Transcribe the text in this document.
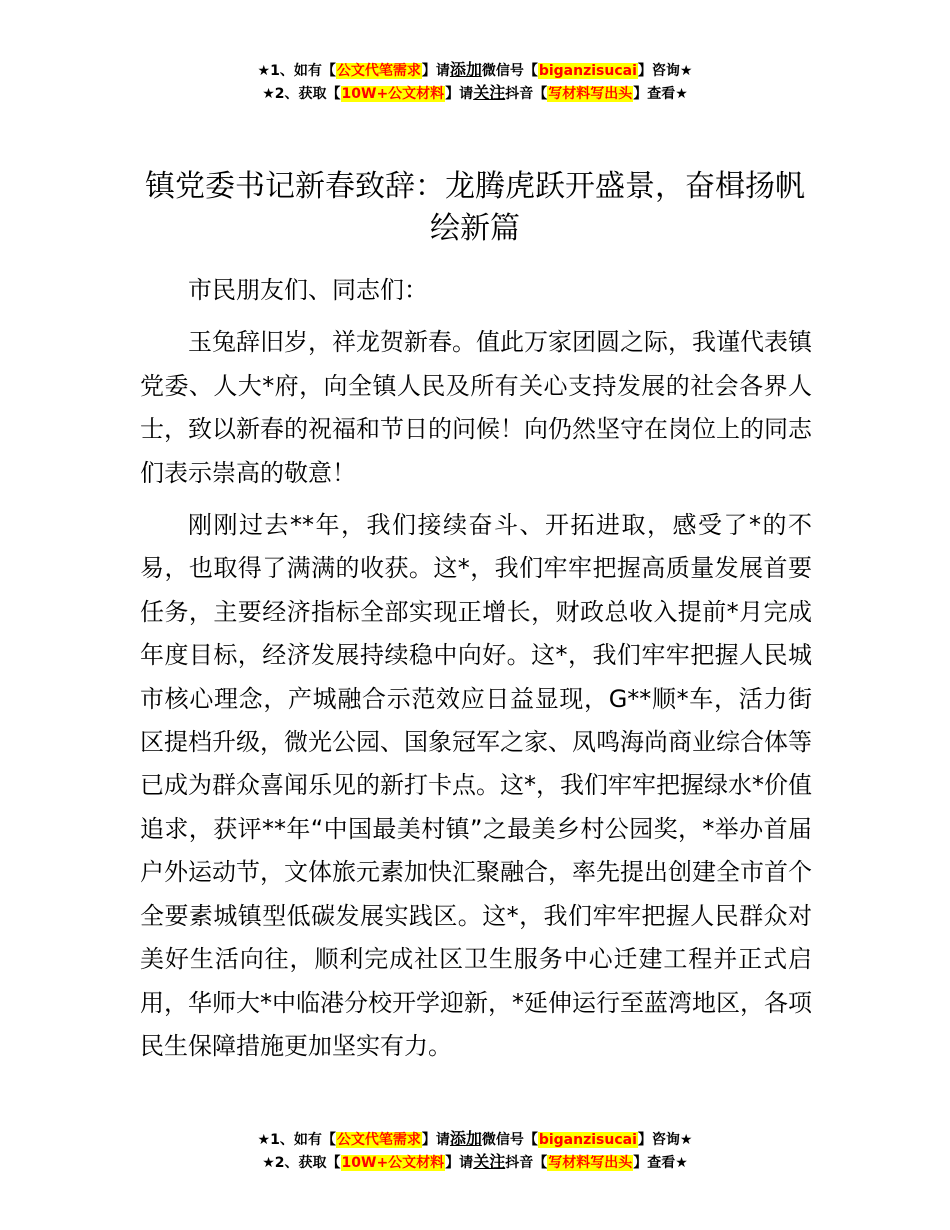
★1、如有【公文代笔需求】请添加微信号【biganzisucai】咨询★
★2、获取【10W+公文材料】请关注抖音【写材料写出头】查看★
镇党委书记新春致辞：龙腾虎跃开盛景，奋楫扬帆绘新篇

市民朋友们、同志们：

玉兔辞旧岁，祥龙贺新春。值此万家团圆之际，我谨代表镇党委、人大*府，向全镇人民及所有关心支持发展的社会各界人士，致以新春的祝福和节日的问候！向仍然坚守在岗位上的同志们表示崇高的敬意！

刚刚过去**年，我们接续奋斗、开拓进取，感受了*的不易，也取得了满满的收获。这*，我们牢牢把握高质量发展首要任务，主要经济指标全部实现正增长，财政总收入提前*月完成年度目标，经济发展持续稳中向好。这*，我们牢牢把握人民城市核心理念，产城融合示范效应日益显现，G**顺*车，活力街区提档升级，微光公园、国象冠军之家、凤鸣海尚商业综合体等已成为群众喜闻乐见的新打卡点。这*，我们牢牢把握绿水*价值追求，获评**年“中国最美村镇”之最美乡村公园奖，*举办首届户外运动节，文体旅元素加快汇聚融合，率先提出创建全市首个全要素城镇型低碳发展实践区。这*，我们牢牢把握人民群众对美好生活向往，顺利完成社区卫生服务中心迁建工程并正式启用，华师大*中临港分校开学迎新，*延伸运行至蓝湾地区，各项民生保障措施更加坚实有力。

★1、如有【公文代笔需求】请添加微信号【biganzisucai】咨询★
★2、获取【10W+公文材料】请关注抖音【写材料写出头】查看★
